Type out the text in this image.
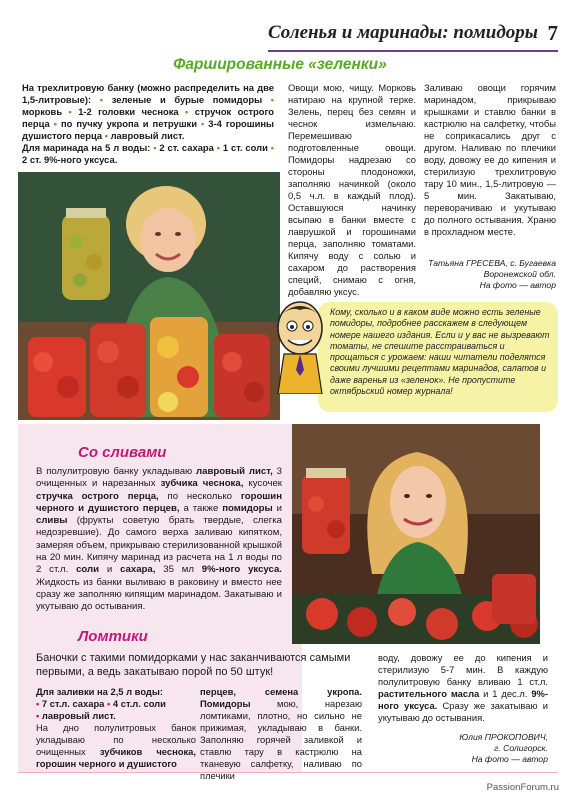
Соленья и маринады: помидоры 7
Фаршированные «зеленки»
На трехлитровую банку (можно распределить на две 1,5-литровые): • зеленые и бурые помидоры • морковь • 1-2 головки чеснока • стручок острого перца • по пучку укропа и петрушки • 3-4 горошины душистого перца • лавровый лист.
Для маринада на 5 л воды: • 2 ст. сахара • 1 ст. соли • 2 ст. 9%-ного уксуса.
Овощи мою, чищу. Морковь натираю на крупной терке. Зелень, перец без семян и чеснок измельчаю. Перемешиваю подготовленные овощи. Помидоры надрезаю со стороны плодоножки, заполняю начинкой (около 0,5 ч.л. в каждый плод). Оставшуюся начинку всыпаю в банки вместе с лаврушкой и горошинами перца, заполняю томатами. Кипячу воду с солью и сахаром до растворения специй, снимаю с огня, добавляю уксус.
Заливаю овощи горячим маринадом, прикрываю крышками и ставлю банки в кастрюлю на салфетку, чтобы не соприкасались друг с другом. Наливаю по плечики воду, довожу ее до кипения и стерилизую трехлитровую тару 10 мин., 1,5-литровую — 5 мин. Закатываю, переворачиваю и укутываю до полного остывания. Храню в прохладном месте.
Татьяна ГРЕСЕВА, с. Бугаевка
Воронежской обл.
На фото — автор
Кому, сколько и в каком виде можно есть зеленые помидоры, подробнее расскажем в следующем номере нашего издания. Если и у вас не вызревают томаты, не спешите расстраиваться и прощаться с урожаем: наши читатели поделятся своими лучшими рецептами маринадов, салатов и даже варенья из «зеленок». Не пропустите октябрьский номер журнала!
Со сливами
В полулитровую банку укладываю лавровый лист, 3 очищенных и нарезанных зубчика чеснока, кусочек стручка острого перца, по несколько горошин черного и душистого перцев, а также помидоры и сливы (фрукты советую брать твердые, слегка недозревшие). До самого верха заливаю кипятком, замеряя объем, прикрываю стерилизованной крышкой на 20 мин. Кипячу маринад из расчета на 1 л воды по 2 ст.л. соли и сахара, 35 мл 9%-ного уксуса. Жидкость из банки выливаю в раковину и вместо нее сразу же заполняю кипящим маринадом. Закатываю и укутываю до остывания.
Ломтики
Баночки с такими помидорками у нас заканчиваются самыми первыми, а ведь закатываю порой по 50 штук!
Для заливки на 2,5 л воды:
• 7 ст.л. сахара • 4 ст.л. соли
• лавровый лист.
На дно полулитровых банок укладываю по несколько очищенных зубчиков чеснока, горошин черного и душистого
перцев, семена укропа. Помидоры мою, нарезаю ломтиками, плотно, но сильно не прижимая, укладываю в банки. Заполняю горячей заливкой и ставлю тару в кастрюлю на тканевую салфетку, наливаю по плечики
воду, довожу ее до кипения и стерилизую 5-7 мин. В каждую полулитровую банку вливаю 1 ст.л. растительного масла и 1 дес.л. 9%-ного уксуса. Сразу же закатываю и укутываю до остывания.
Юлия ПРОКОПОВИЧ,
г. Солигорск.
На фото — автор
PassionForum.ru
